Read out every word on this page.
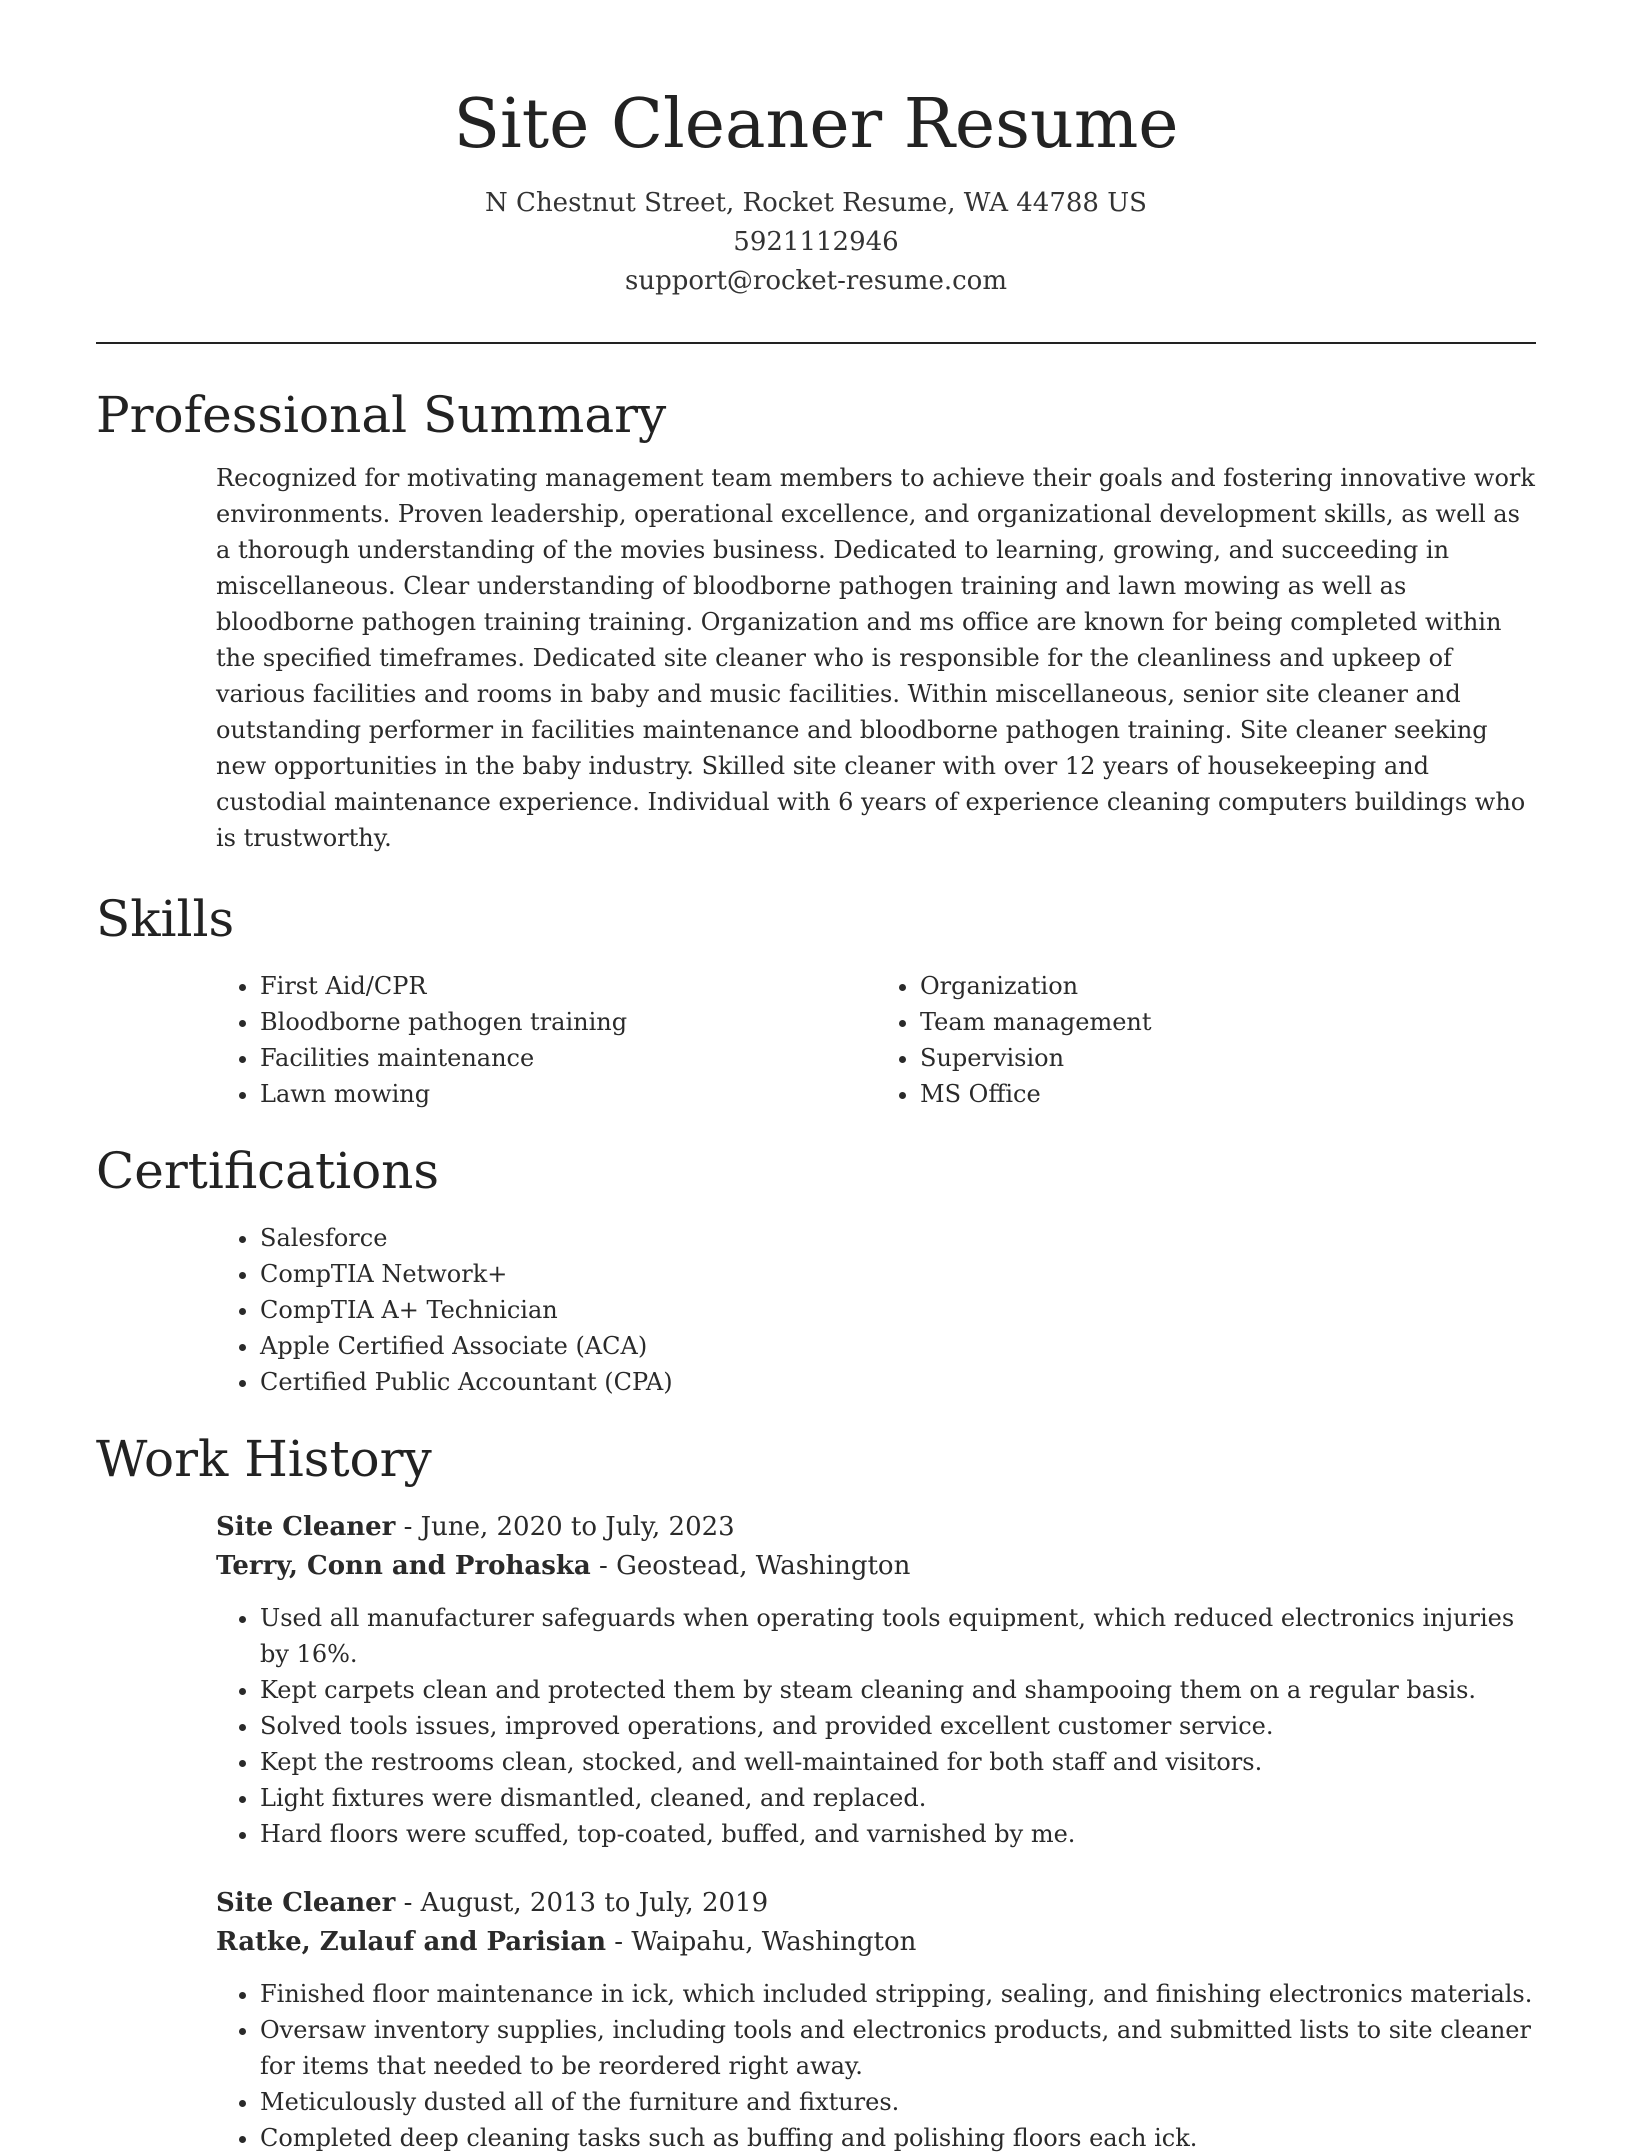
Site Cleaner Resume
N Chestnut Street, Rocket Resume, WA 44788 US
5921112946
support@rocket-resume.com
Professional Summary

Recognized for motivating management team members to achieve their goals and fostering innovative work environments. Proven leadership, operational excellence, and organizational development skills, as well as a thorough understanding of the movies business. Dedicated to learning, growing, and succeeding in miscellaneous. Clear understanding of bloodborne pathogen training and lawn mowing as well as bloodborne pathogen training training. Organization and ms office are known for being completed within the specified timeframes. Dedicated site cleaner who is responsible for the cleanliness and upkeep of various facilities and rooms in baby and music facilities. Within miscellaneous, senior site cleaner and outstanding performer in facilities maintenance and bloodborne pathogen training. Site cleaner seeking new opportunities in the baby industry. Skilled site cleaner with over 12 years of housekeeping and custodial maintenance experience. Individual with 6 years of experience cleaning computers buildings who is trustworthy.

Skills
• First Aid/CPR
• Bloodborne pathogen training
• Facilities maintenance
• Lawn mowing
• Organization
• Team management
• Supervision
• MS Office
Certifications
• Salesforce
• CompTIA Network+
• CompTIA A+ Technician
• Apple Certified Associate (ACA)
• Certified Public Accountant (CPA)
Work History
Site Cleaner - June, 2020 to July, 2023
Terry, Conn and Prohaska - Geostead, Washington
• Used all manufacturer safeguards when operating tools equipment, which reduced electronics injuries by 16%.
• Kept carpets clean and protected them by steam cleaning and shampooing them on a regular basis.
• Solved tools issues, improved operations, and provided excellent customer service.
• Kept the restrooms clean, stocked, and well-maintained for both staff and visitors.
• Light fixtures were dismantled, cleaned, and replaced.
• Hard floors were scuffed, top-coated, buffed, and varnished by me.
Site Cleaner - August, 2013 to July, 2019
Ratke, Zulauf and Parisian - Waipahu, Washington
• Finished floor maintenance in ick, which included stripping, sealing, and finishing electronics materials.
• Oversaw inventory supplies, including tools and electronics products, and submitted lists to site cleaner for items that needed to be reordered right away.
• Meticulously dusted all of the furniture and fixtures.
• Completed deep cleaning tasks such as buffing and polishing floors each ick.
